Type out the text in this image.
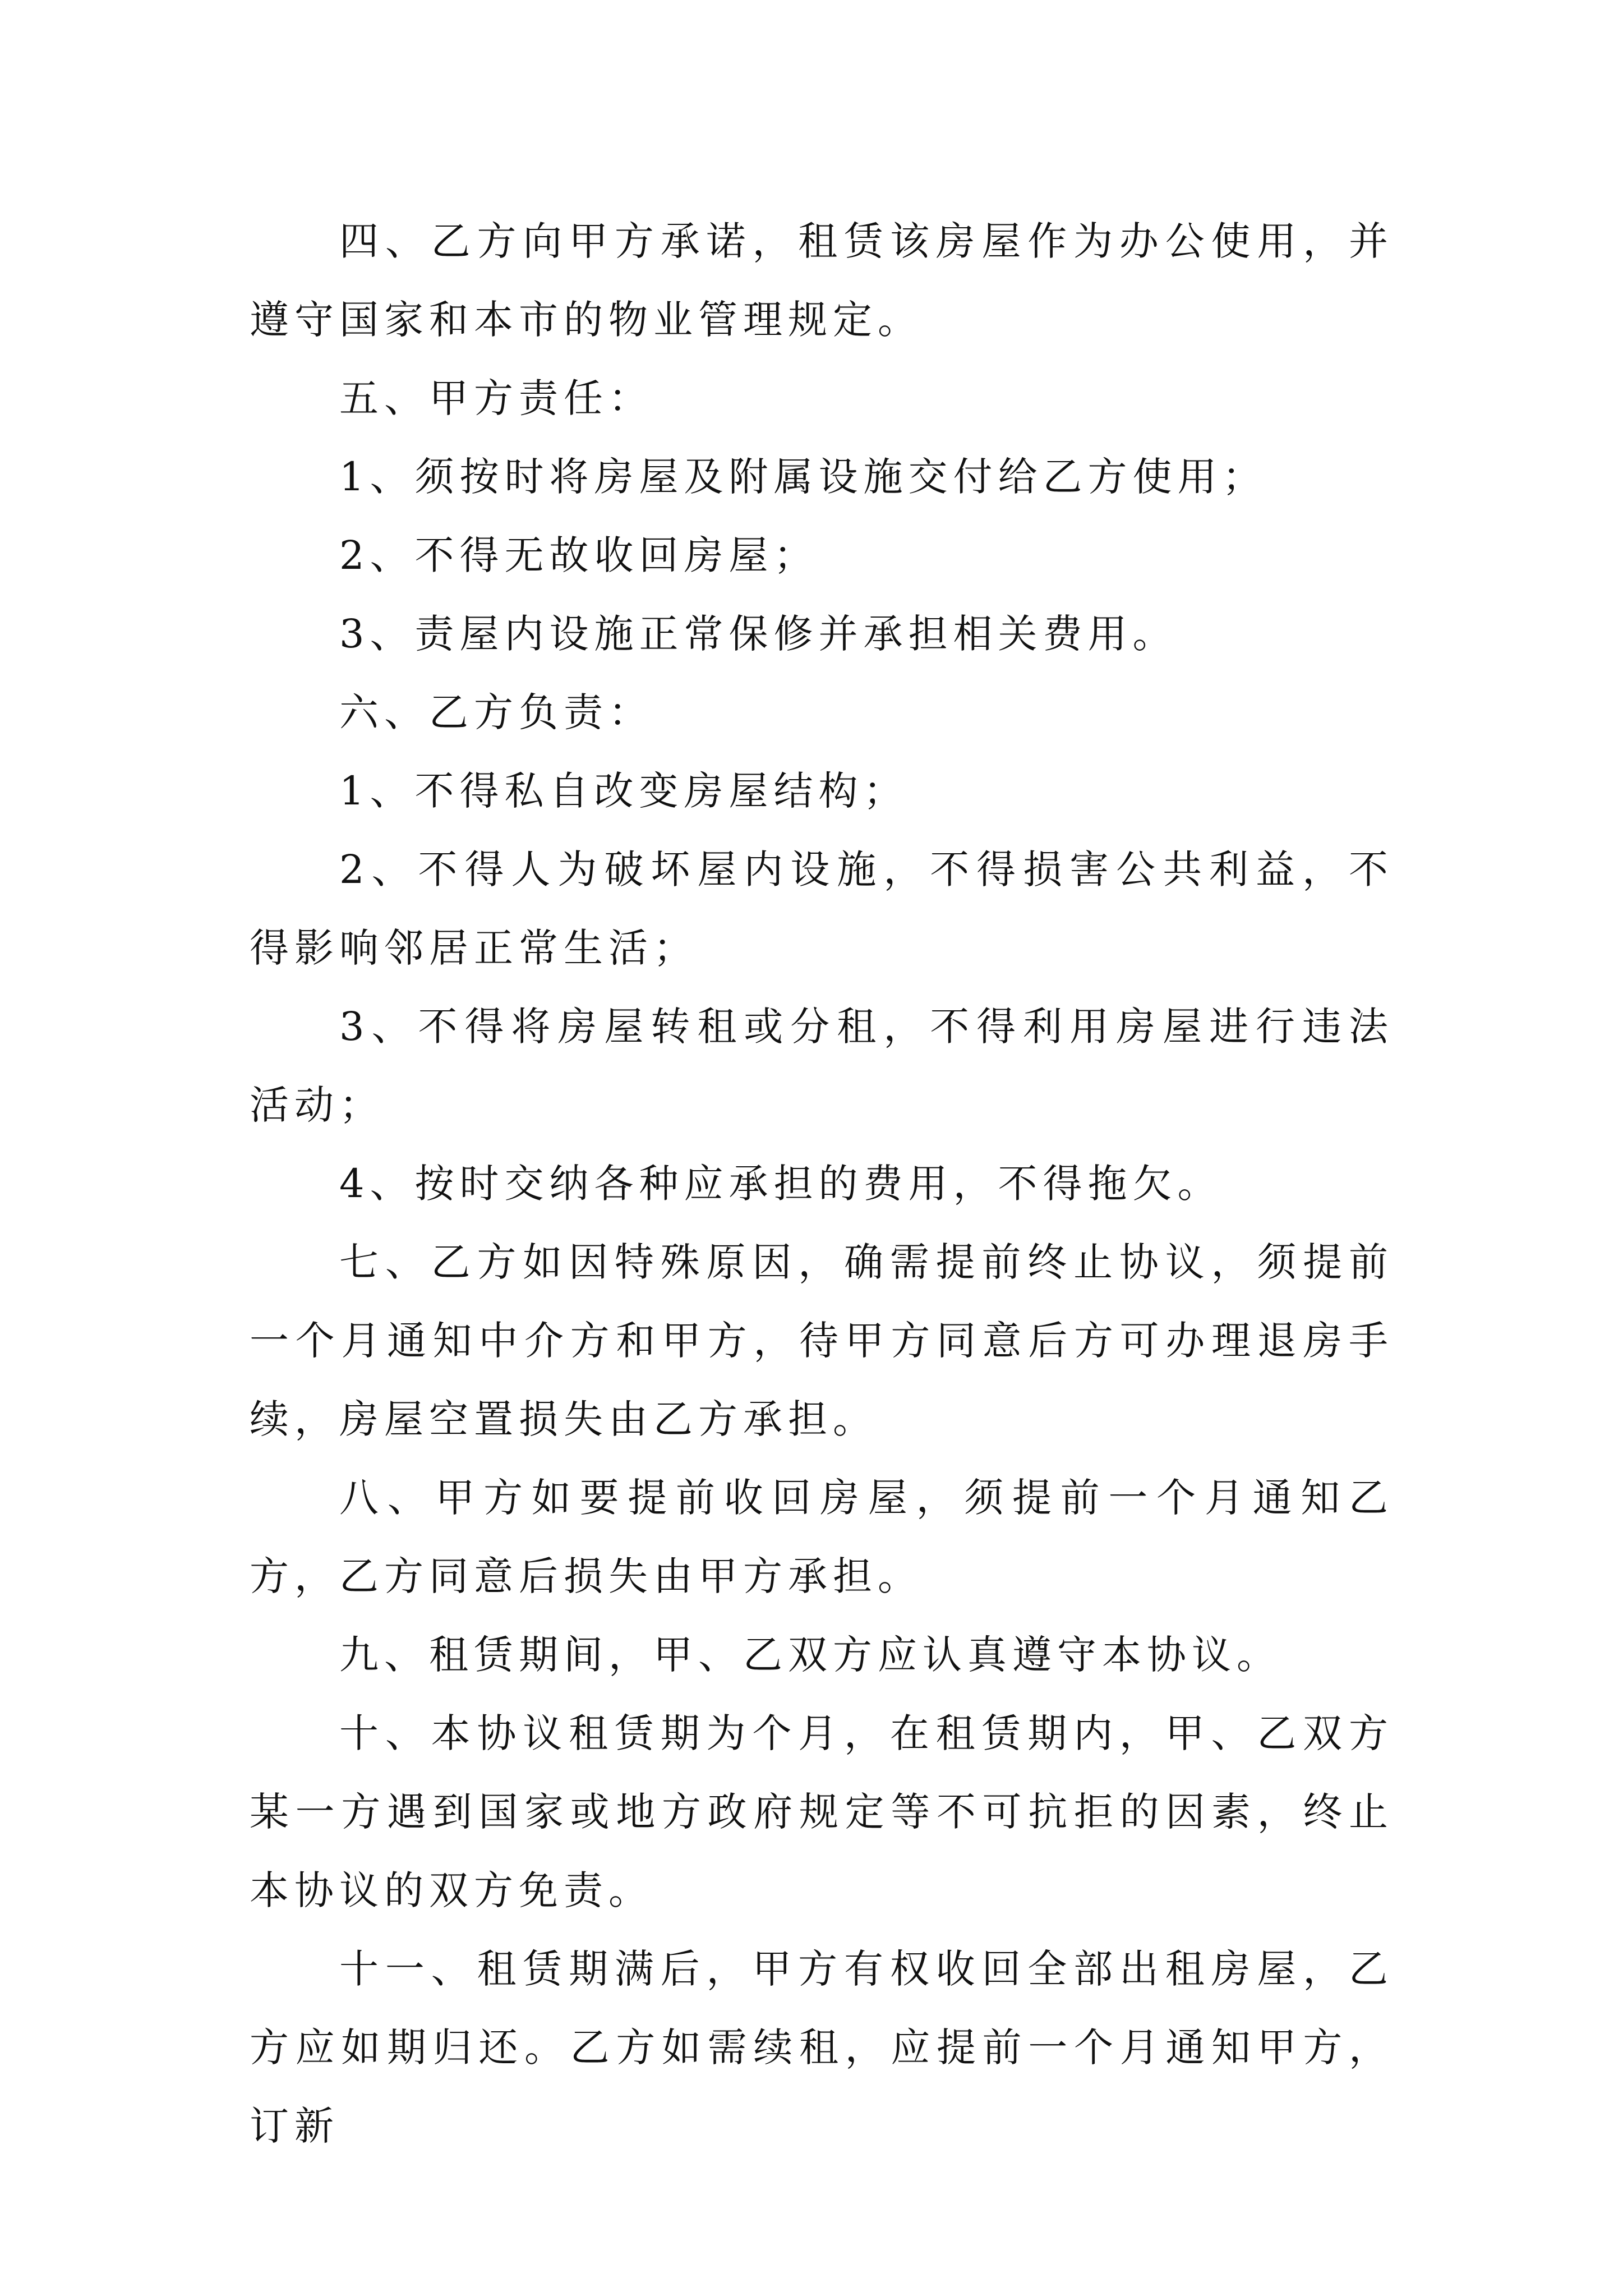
四、乙方向甲方承诺，租赁该房屋作为办公使用，并遵守国家和本市的物业管理规定。

五、甲方责任：

1、须按时将房屋及附属设施交付给乙方使用；

2、不得无故收回房屋；

3、责屋内设施正常保修并承担相关费用。

六、乙方负责：

1、不得私自改变房屋结构；

2、不得人为破坏屋内设施，不得损害公共利益，不得影响邻居正常生活；

3、不得将房屋转租或分租，不得利用房屋进行违法活动；

4、按时交纳各种应承担的费用，不得拖欠。

七、乙方如因特殊原因，确需提前终止协议，须提前一个月通知中介方和甲方，待甲方同意后方可办理退房手续，房屋空置损失由乙方承担。

八、甲方如要提前收回房屋，须提前一个月通知乙方，乙方同意后损失由甲方承担。

九、租赁期间，甲、乙双方应认真遵守本协议。

十、本协议租赁期为个月，在租赁期内，甲、乙双方某一方遇到国家或地方政府规定等不可抗拒的因素，终止本协议的双方免责。

十一、租赁期满后，甲方有权收回全部出租房屋，乙方应如期归还。乙方如需续租，应提前一个月通知甲方，订新
